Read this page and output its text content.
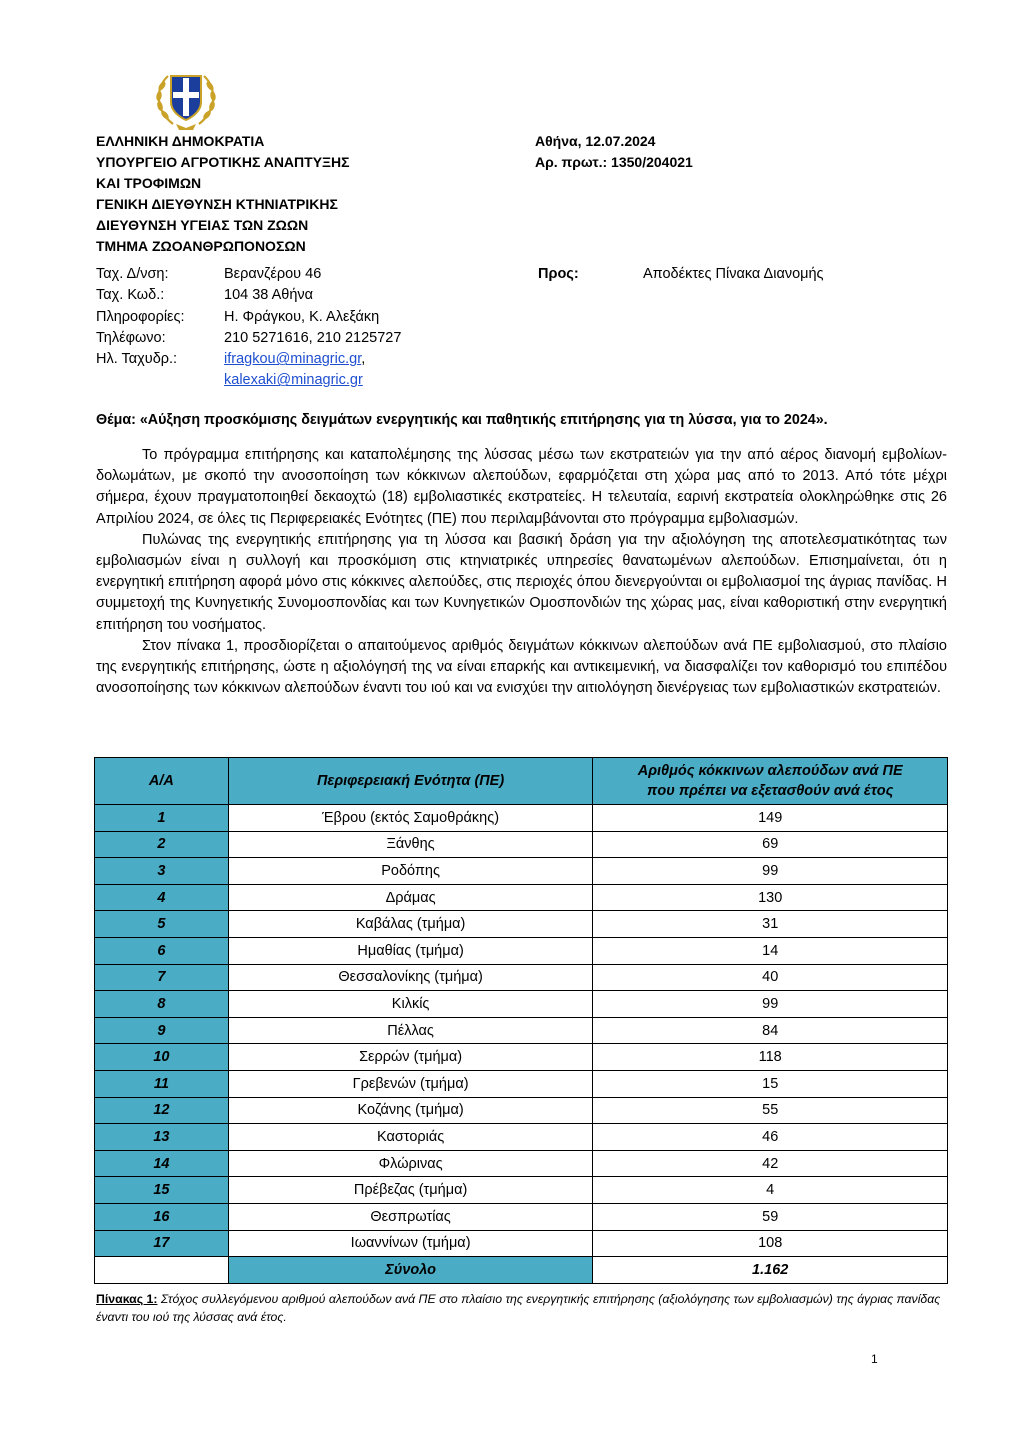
ΕΛΛΗΝΙΚΗ ΔΗΜΟΚΡΑΤΙΑ
ΥΠΟΥΡΓΕΙΟ ΑΓΡΟΤΙΚΗΣ ΑΝΑΠΤΥΞΗΣ
ΚΑΙ ΤΡΟΦΙΜΩΝ
ΓΕΝΙΚΗ ΔΙΕΥΘΥΝΣΗ ΚΤΗΝΙΑΤΡΙΚΗΣ
ΔΙΕΥΘΥΝΣΗ ΥΓΕΙΑΣ ΤΩΝ ΖΩΩΝ
ΤΜΗΜΑ ΖΩΟΑΝΘΡΩΠΟΝΟΣΩΝ
Αθήνα, 12.07.2024
Αρ. πρωτ.: 1350/204021
Ταχ. Δ/νση:	Βερανζέρου 46
Ταχ. Κωδ.:	104 38 Αθήνα
Πληροφορίες:	Η. Φράγκου, Κ. Αλεξάκη
Τηλέφωνο:	210 5271616, 210 2125727
Ηλ. Ταχυδρ.:	ifragkou@minagric.gr,
kalexaki@minagric.gr
Προς:	Αποδέκτες Πίνακα Διανομής
Θέμα: «Αύξηση προσκόμισης δειγμάτων ενεργητικής και παθητικής επιτήρησης για τη λύσσα, για το 2024».

Το πρόγραμμα επιτήρησης και καταπολέμησης της λύσσας μέσω των εκστρατειών για την από αέρος διανομή εμβολίων-δολωμάτων, με σκοπό την ανοσοποίηση των κόκκινων αλεπούδων, εφαρμόζεται στη χώρα μας από το 2013. Από τότε μέχρι σήμερα, έχουν πραγματοποιηθεί δεκαοχτώ (18) εμβολιαστικές εκστρατείες. Η τελευταία, εαρινή εκστρατεία ολοκληρώθηκε στις 26 Απριλίου 2024, σε όλες τις Περιφερειακές Ενότητες (ΠΕ) που περιλαμβάνονται στο πρόγραμμα εμβολιασμών.

Πυλώνας της ενεργητικής επιτήρησης για τη λύσσα και βασική δράση για την αξιολόγηση της αποτελεσματικότητας των εμβολιασμών είναι η συλλογή και προσκόμιση στις κτηνιατρικές υπηρεσίες θανατωμένων αλεπούδων. Επισημαίνεται, ότι η ενεργητική επιτήρηση αφορά μόνο στις κόκκινες αλεπούδες, στις περιοχές όπου διενεργούνται οι εμβολιασμοί της άγριας πανίδας. Η συμμετοχή της Κυνηγετικής Συνομοσπονδίας και των Κυνηγετικών Ομοσπονδιών της χώρας μας, είναι καθοριστική στην ενεργητική επιτήρηση του νοσήματος.

Στον πίνακα 1, προσδιορίζεται ο απαιτούμενος αριθμός δειγμάτων κόκκινων αλεπούδων ανά ΠΕ εμβολιασμού, στο πλαίσιο της ενεργητικής επιτήρησης, ώστε η αξιολόγησή της να είναι επαρκής και αντικειμενική, να διασφαλίζει τον καθορισμό του επιπέδου ανοσοποίησης των κόκκινων αλεπούδων έναντι του ιού και να ενισχύει την αιτιολόγηση διενέργειας των εμβολιαστικών εκστρατειών.

Α/Α	Περιφερειακή Ενότητα (ΠΕ)	Αριθμός κόκκινων αλεπούδων ανά ΠΕ
που πρέπει να εξετασθούν ανά έτος

1	Έβρου (εκτός Σαμοθράκης)	149
2	Ξάνθης	69
3	Ροδόπης	99
4	Δράμας	130
5	Καβάλας (τμήμα)	31
6	Ημαθίας (τμήμα)	14
7	Θεσσαλονίκης (τμήμα)	40
8	Κιλκίς	99
9	Πέλλας	84
10	Σερρών (τμήμα)	118
11	Γρεβενών (τμήμα)	15
12	Κοζάνης (τμήμα)	55
13	Καστοριάς	46
14	Φλώρινας	42
15	Πρέβεζας (τμήμα)	4
16	Θεσπρωτίας	59
17	Ιωαννίνων (τμήμα)	108
	Σύνολο	1.162
Πίνακας 1: Στόχος συλλεγόμενου αριθμού αλεπούδων ανά ΠΕ στο πλαίσιο της ενεργητικής επιτήρησης (αξιολόγησης των εμβολιασμών) της άγριας πανίδας έναντι του ιού της λύσσας ανά έτος.
1
